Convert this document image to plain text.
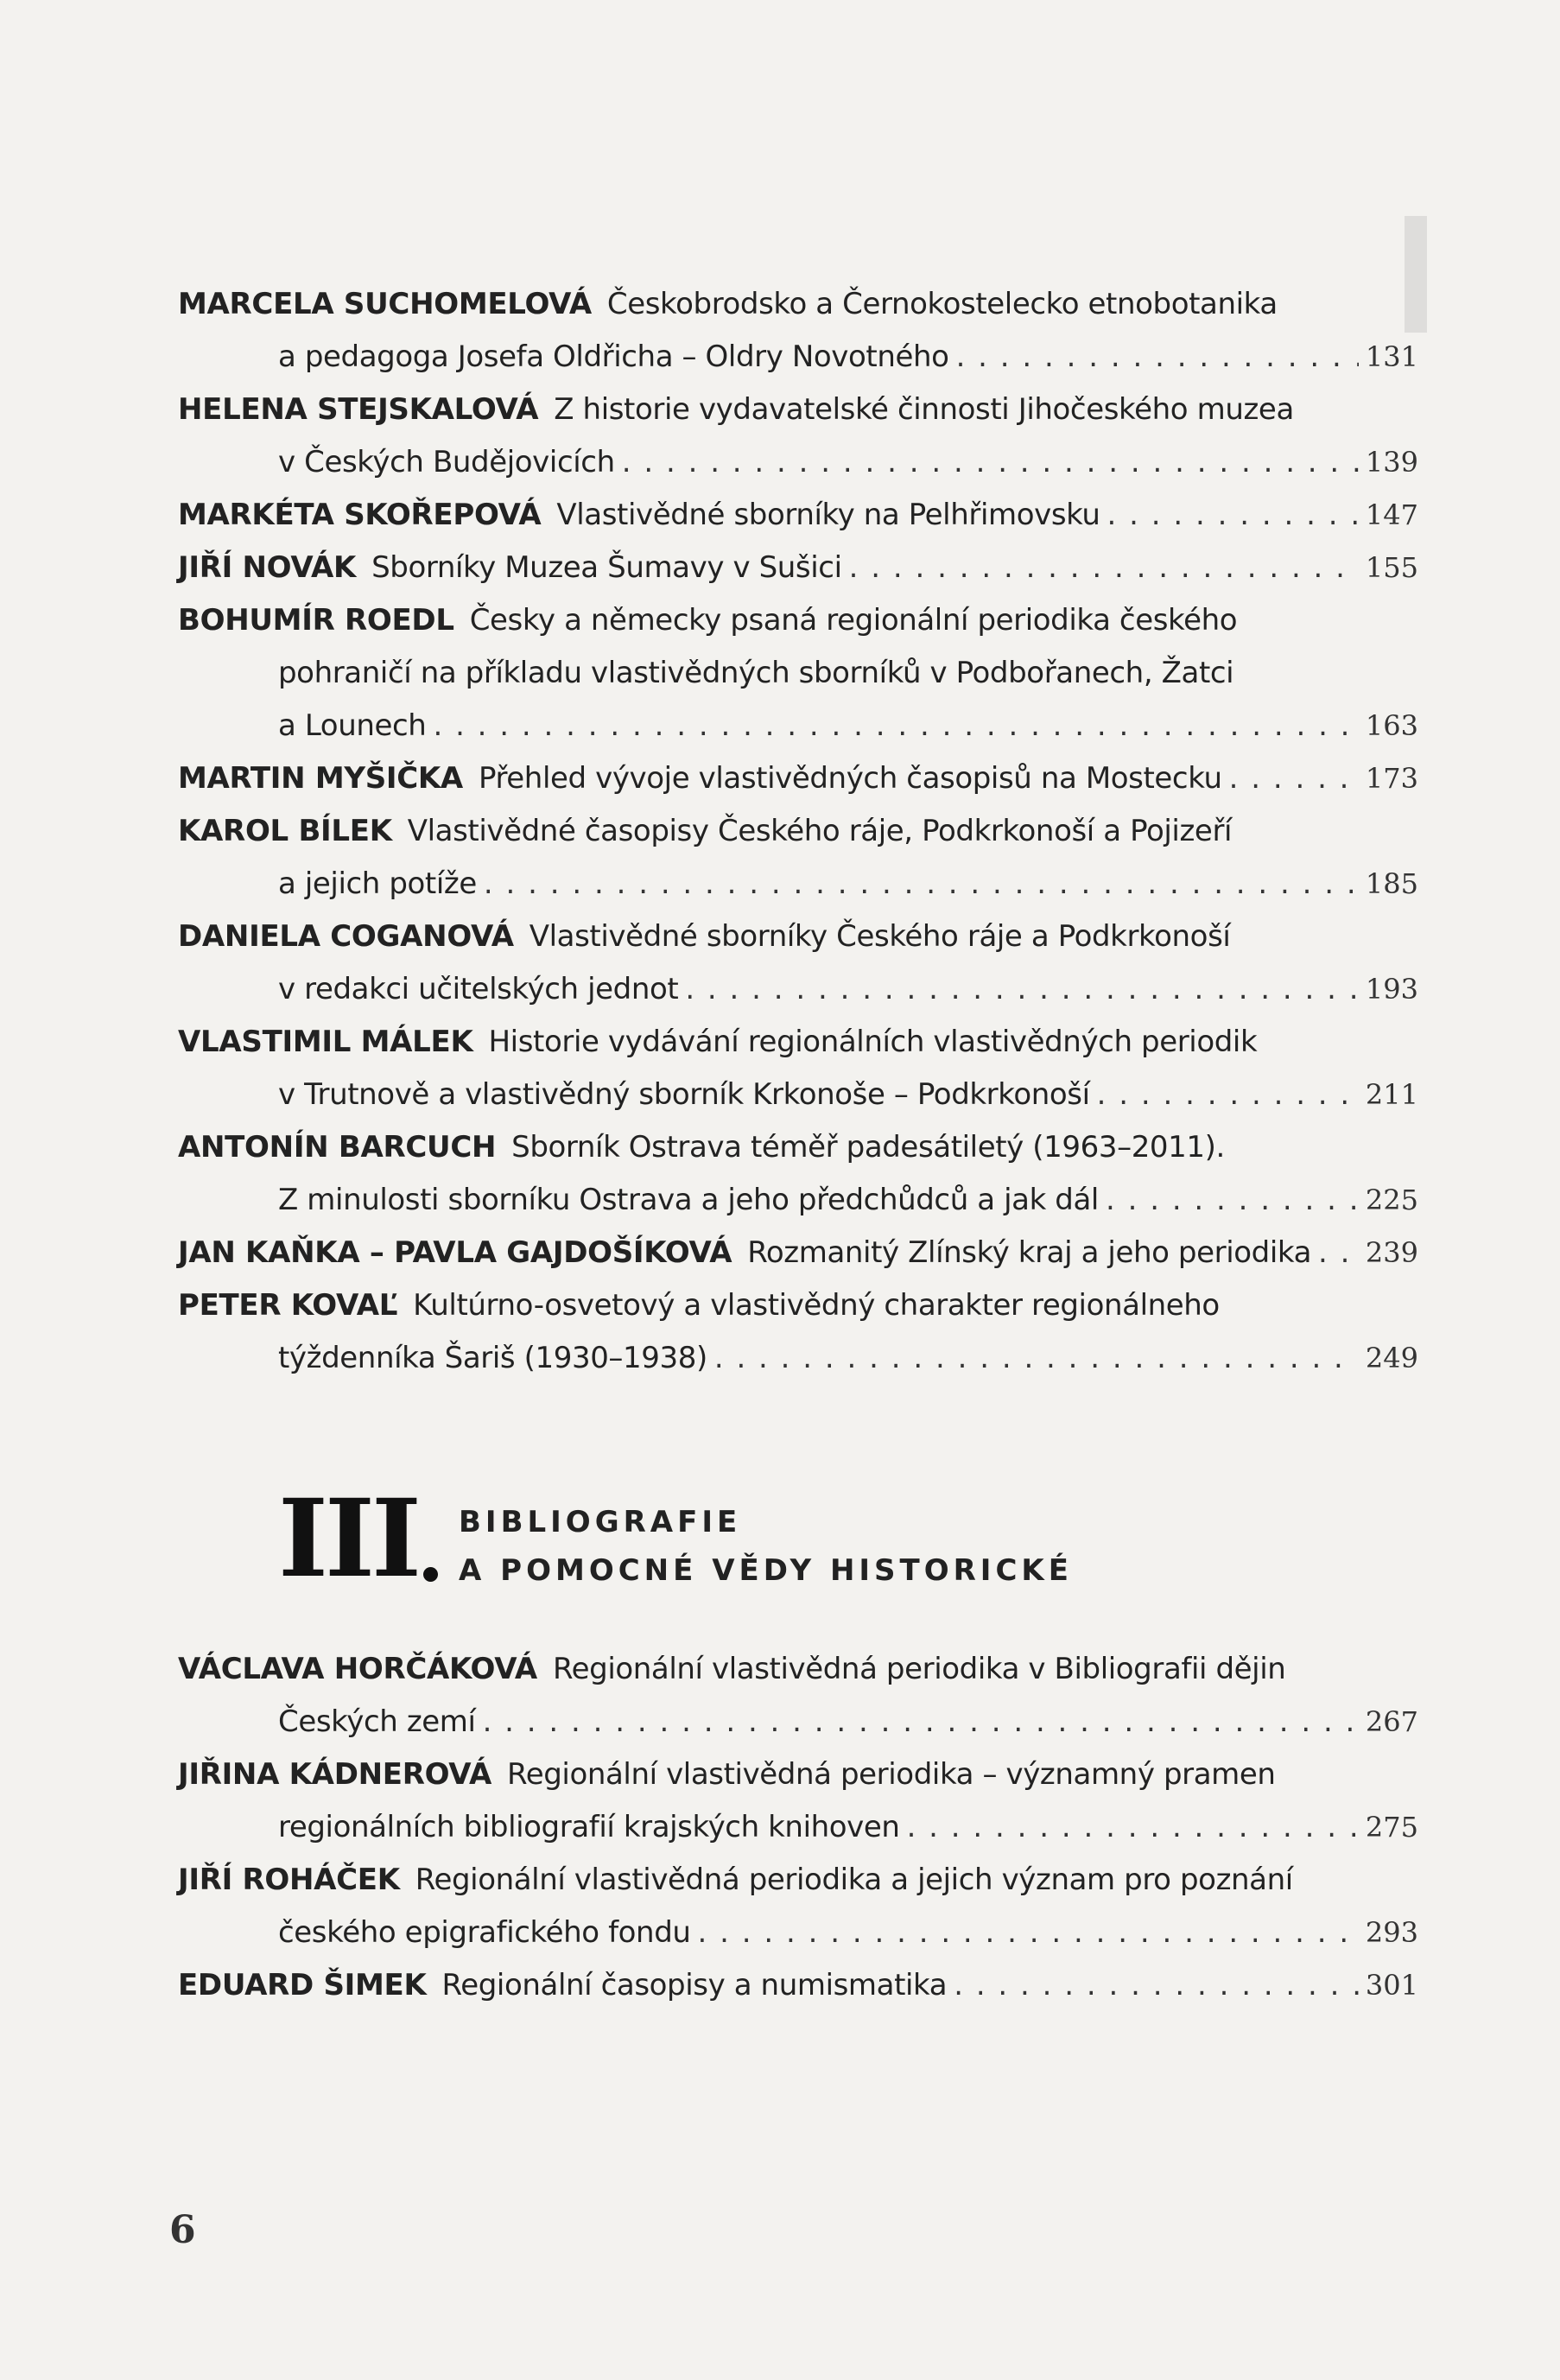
MARCELA SUCHOMELOVÁ Českobrodsko a Černokostelecko etnobotanika
a pedagoga Josefa Oldřicha – Oldry Novotného . . .	131
HELENA STEJSKALOVÁ Z historie vydavatelské činnosti Jihočeského muzea
v Českých Budějovicích . . .	139
MARKÉTA SKOŘEPOVÁ Vlastivědné sborníky na Pelhřimovsku . . .	147
JIŘÍ NOVÁK Sborníky Muzea Šumavy v Sušici . . .	155
BOHUMÍR ROEDL Česky a německy psaná regionální periodika českého
pohraničí na příkladu vlastivědných sborníků v Podbořanech, Žatci
a Lounech . . .	163
MARTIN MYŠIČKA Přehled vývoje vlastivědných časopisů na Mostecku . . .	173
KAROL BÍLEK Vlastivědné časopisy Českého ráje, Podkrkonoší a Pojizeří
a jejich potíže . . .	185
DANIELA COGANOVÁ Vlastivědné sborníky Českého ráje a Podkrkonoší
v redakci učitelských jednot . . .	193
VLASTIMIL MÁLEK Historie vydávání regionálních vlastivědných periodik
v Trutnově a vlastivědný sborník Krkonoše – Podkrkonoší . . .	211
ANTONÍN BARCUCH Sborník Ostrava téměř padesátiletý (1963–2011).
Z minulosti sborníku Ostrava a jeho předchůdců a jak dál . . .	225
JAN KAŇKA – PAVLA GAJDOŠÍKOVÁ Rozmanitý Zlínský kraj a jeho periodika . . . 239
PETER KOVAĽ Kultúrno-osvetový a vlastivědný charakter regionálneho
týždenníka Šariš (1930–1938) . . .	249
III BIBLIOGRAFIE
A POMOCNÉ VĚDY HISTORICKÉ
VÁCLAVA HORČÁKOVÁ Regionální vlastivědná periodika v Bibliografii dějin
Českých zemí . . .	267
JIŘINA KÁDNEROVÁ Regionální vlastivědná periodika – významný pramen
regionálních bibliografií krajských knihoven . . .	275
JIŘÍ ROHÁČEK Regionální vlastivědná periodika a jejich význam pro poznání
českého epigrafického fondu . . .	293
EDUARD ŠIMEK Regionální časopisy a numismatika . . .	301
6
